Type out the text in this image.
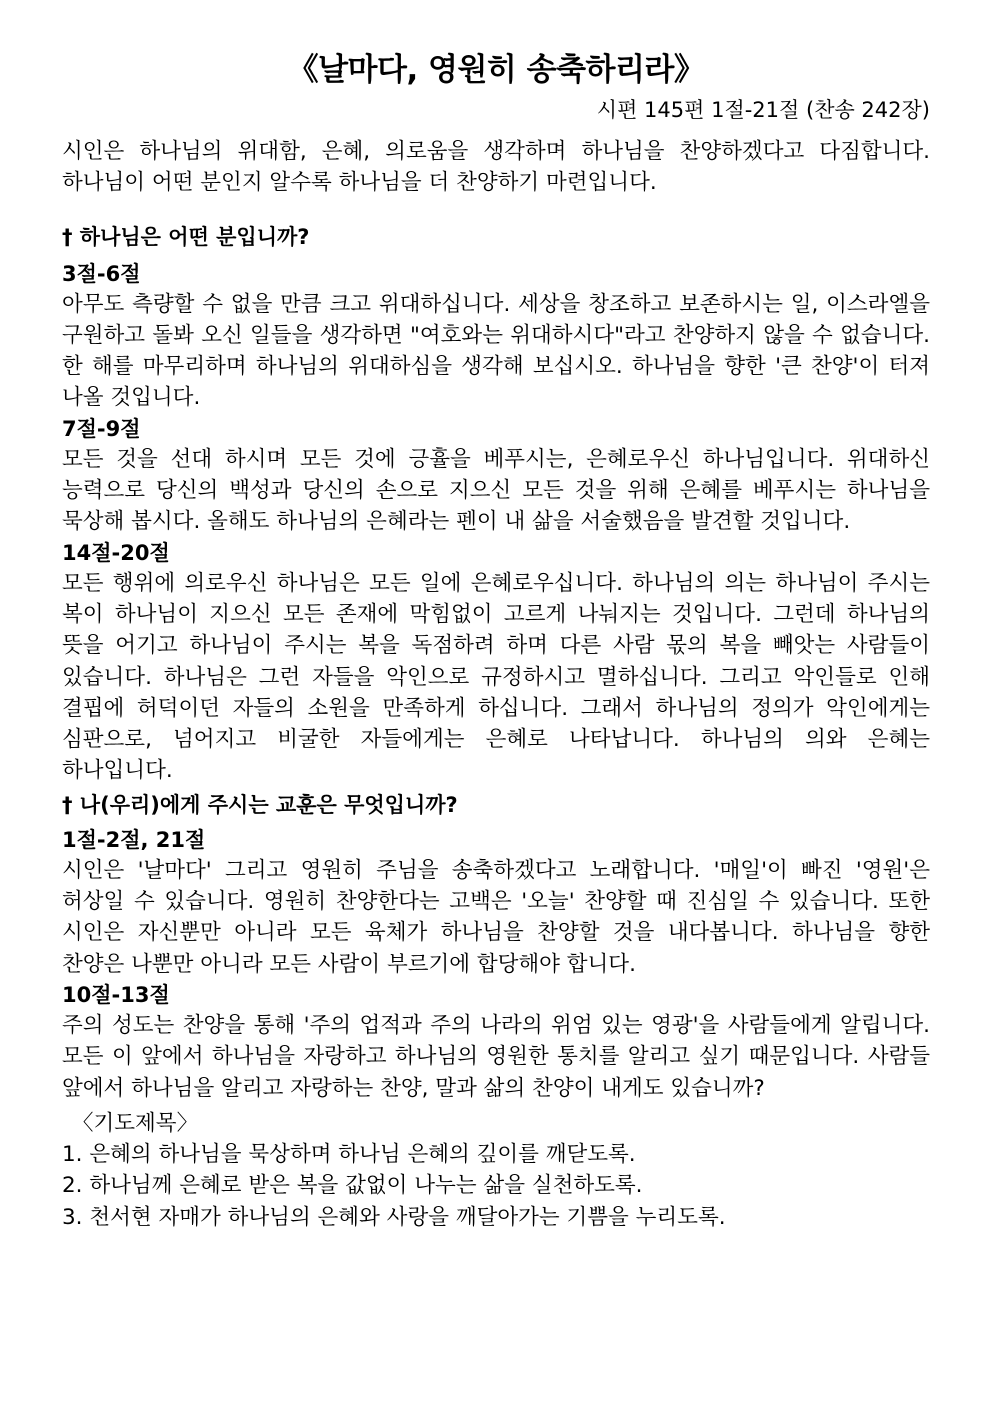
《날마다, 영원히 송축하리라》
시편 145편 1절-21절 (찬송 242장)

시인은 하나님의 위대함, 은혜, 의로움을 생각하며 하나님을 찬양하겠다고 다짐합니다. 하나님이 어떤 분인지 알수록 하나님을 더 찬양하기 마련입니다.

† 하나님은 어떤 분입니까?
3절-6절

아무도 측량할 수 없을 만큼 크고 위대하십니다. 세상을 창조하고 보존하시는 일, 이스라엘을 구원하고 돌봐 오신 일들을 생각하면 "여호와는 위대하시다"라고 찬양하지 않을 수 없습니다. 한 해를 마무리하며 하나님의 위대하심을 생각해 보십시오. 하나님을 향한 '큰 찬양'이 터져 나올 것입니다.

7절-9절

모든 것을 선대 하시며 모든 것에 긍휼을 베푸시는, 은혜로우신 하나님입니다. 위대하신 능력으로 당신의 백성과 당신의 손으로 지으신 모든 것을 위해 은혜를 베푸시는 하나님을 묵상해 봅시다. 올해도 하나님의 은혜라는 펜이 내 삶을 서술했음을 발견할 것입니다.

14절-20절

모든 행위에 의로우신 하나님은 모든 일에 은혜로우십니다. 하나님의 의는 하나님이 주시는 복이 하나님이 지으신 모든 존재에 막힘없이 고르게 나눠지는 것입니다. 그런데 하나님의 뜻을 어기고 하나님이 주시는 복을 독점하려 하며 다른 사람 몫의 복을 빼앗는 사람들이 있습니다. 하나님은 그런 자들을 악인으로 규정하시고 멸하십니다. 그리고 악인들로 인해 결핍에 허덕이던 자들의 소원을 만족하게 하십니다. 그래서 하나님의 정의가 악인에게는 심판으로, 넘어지고 비굴한 자들에게는 은혜로 나타납니다. 하나님의 의와 은혜는 하나입니다.

† 나(우리)에게 주시는 교훈은 무엇입니까?
1절-2절, 21절

시인은 '날마다' 그리고 영원히 주님을 송축하겠다고 노래합니다. '매일'이 빠진 '영원'은 허상일 수 있습니다. 영원히 찬양한다는 고백은 '오늘' 찬양할 때 진심일 수 있습니다. 또한 시인은 자신뿐만 아니라 모든 육체가 하나님을 찬양할 것을 내다봅니다. 하나님을 향한 찬양은 나뿐만 아니라 모든 사람이 부르기에 합당해야 합니다.

10절-13절

주의 성도는 찬양을 통해 '주의 업적과 주의 나라의 위엄 있는 영광'을 사람들에게 알립니다. 모든 이 앞에서 하나님을 자랑하고 하나님의 영원한 통치를 알리고 싶기 때문입니다. 사람들 앞에서 하나님을 알리고 자랑하는 찬양, 말과 삶의 찬양이 내게도 있습니까?

〈기도제목〉
1. 은혜의 하나님을 묵상하며 하나님 은혜의 깊이를 깨닫도록.
2. 하나님께 은혜로 받은 복을 값없이 나누는 삶을 실천하도록.
3. 천서현 자매가 하나님의 은혜와 사랑을 깨달아가는 기쁨을 누리도록.
